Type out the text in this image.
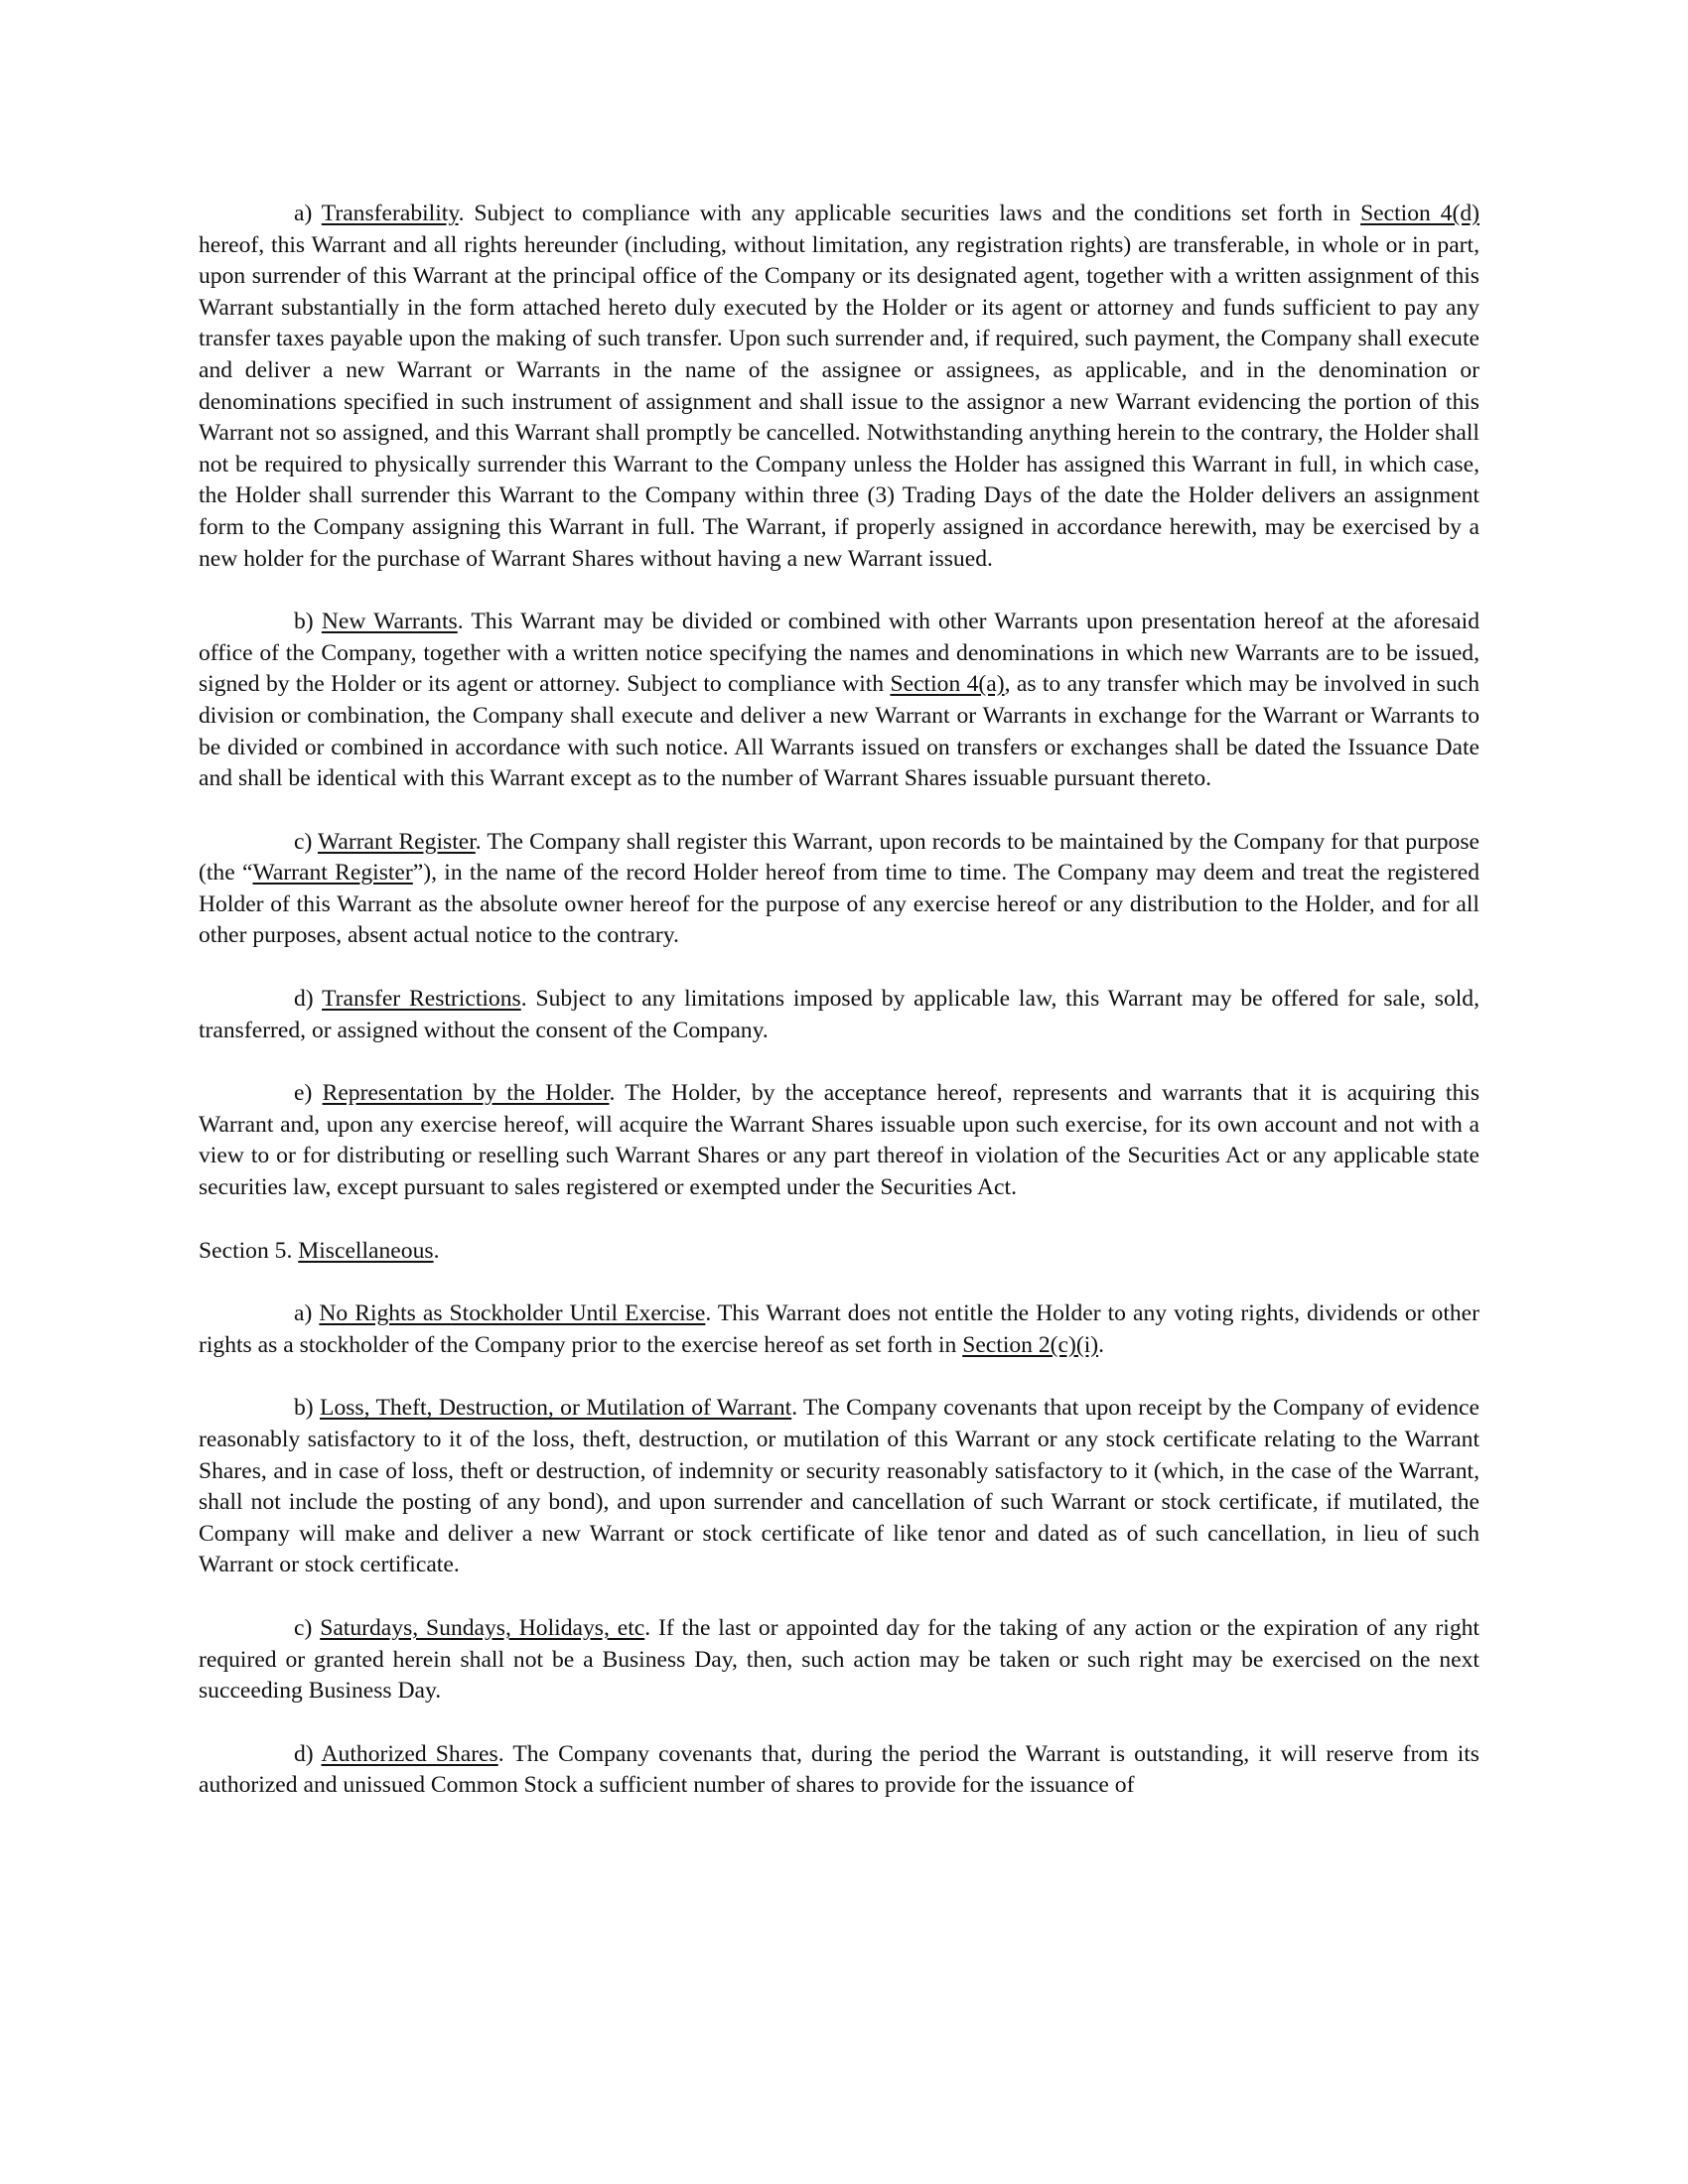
a) Transferability. Subject to compliance with any applicable securities laws and the conditions set forth in Section 4(d) hereof, this Warrant and all rights hereunder (including, without limitation, any registration rights) are transferable, in whole or in part, upon surrender of this Warrant at the principal office of the Company or its designated agent, together with a written assignment of this Warrant substantially in the form attached hereto duly executed by the Holder or its agent or attorney and funds sufficient to pay any transfer taxes payable upon the making of such transfer. Upon such surrender and, if required, such payment, the Company shall execute and deliver a new Warrant or Warrants in the name of the assignee or assignees, as applicable, and in the denomination or denominations specified in such instrument of assignment and shall issue to the assignor a new Warrant evidencing the portion of this Warrant not so assigned, and this Warrant shall promptly be cancelled. Notwithstanding anything herein to the contrary, the Holder shall not be required to physically surrender this Warrant to the Company unless the Holder has assigned this Warrant in full, in which case, the Holder shall surrender this Warrant to the Company within three (3) Trading Days of the date the Holder delivers an assignment form to the Company assigning this Warrant in full. The Warrant, if properly assigned in accordance herewith, may be exercised by a new holder for the purchase of Warrant Shares without having a new Warrant issued.

b) New Warrants. This Warrant may be divided or combined with other Warrants upon presentation hereof at the aforesaid office of the Company, together with a written notice specifying the names and denominations in which new Warrants are to be issued, signed by the Holder or its agent or attorney. Subject to compliance with Section 4(a), as to any transfer which may be involved in such division or combination, the Company shall execute and deliver a new Warrant or Warrants in exchange for the Warrant or Warrants to be divided or combined in accordance with such notice. All Warrants issued on transfers or exchanges shall be dated the Issuance Date and shall be identical with this Warrant except as to the number of Warrant Shares issuable pursuant thereto.

c) Warrant Register. The Company shall register this Warrant, upon records to be maintained by the Company for that purpose (the “Warrant Register”), in the name of the record Holder hereof from time to time. The Company may deem and treat the registered Holder of this Warrant as the absolute owner hereof for the purpose of any exercise hereof or any distribution to the Holder, and for all other purposes, absent actual notice to the contrary.

d) Transfer Restrictions. Subject to any limitations imposed by applicable law, this Warrant may be offered for sale, sold, transferred, or assigned without the consent of the Company.

e) Representation by the Holder. The Holder, by the acceptance hereof, represents and warrants that it is acquiring this Warrant and, upon any exercise hereof, will acquire the Warrant Shares issuable upon such exercise, for its own account and not with a view to or for distributing or reselling such Warrant Shares or any part thereof in violation of the Securities Act or any applicable state securities law, except pursuant to sales registered or exempted under the Securities Act.

Section 5. Miscellaneous.

a) No Rights as Stockholder Until Exercise. This Warrant does not entitle the Holder to any voting rights, dividends or other rights as a stockholder of the Company prior to the exercise hereof as set forth in Section 2(c)(i).

b) Loss, Theft, Destruction, or Mutilation of Warrant. The Company covenants that upon receipt by the Company of evidence reasonably satisfactory to it of the loss, theft, destruction, or mutilation of this Warrant or any stock certificate relating to the Warrant Shares, and in case of loss, theft or destruction, of indemnity or security reasonably satisfactory to it (which, in the case of the Warrant, shall not include the posting of any bond), and upon surrender and cancellation of such Warrant or stock certificate, if mutilated, the Company will make and deliver a new Warrant or stock certificate of like tenor and dated as of such cancellation, in lieu of such Warrant or stock certificate.

c) Saturdays, Sundays, Holidays, etc. If the last or appointed day for the taking of any action or the expiration of any right required or granted herein shall not be a Business Day, then, such action may be taken or such right may be exercised on the next succeeding Business Day.

d) Authorized Shares. The Company covenants that, during the period the Warrant is outstanding, it will reserve from its authorized and unissued Common Stock a sufficient number of shares to provide for the issuance of
